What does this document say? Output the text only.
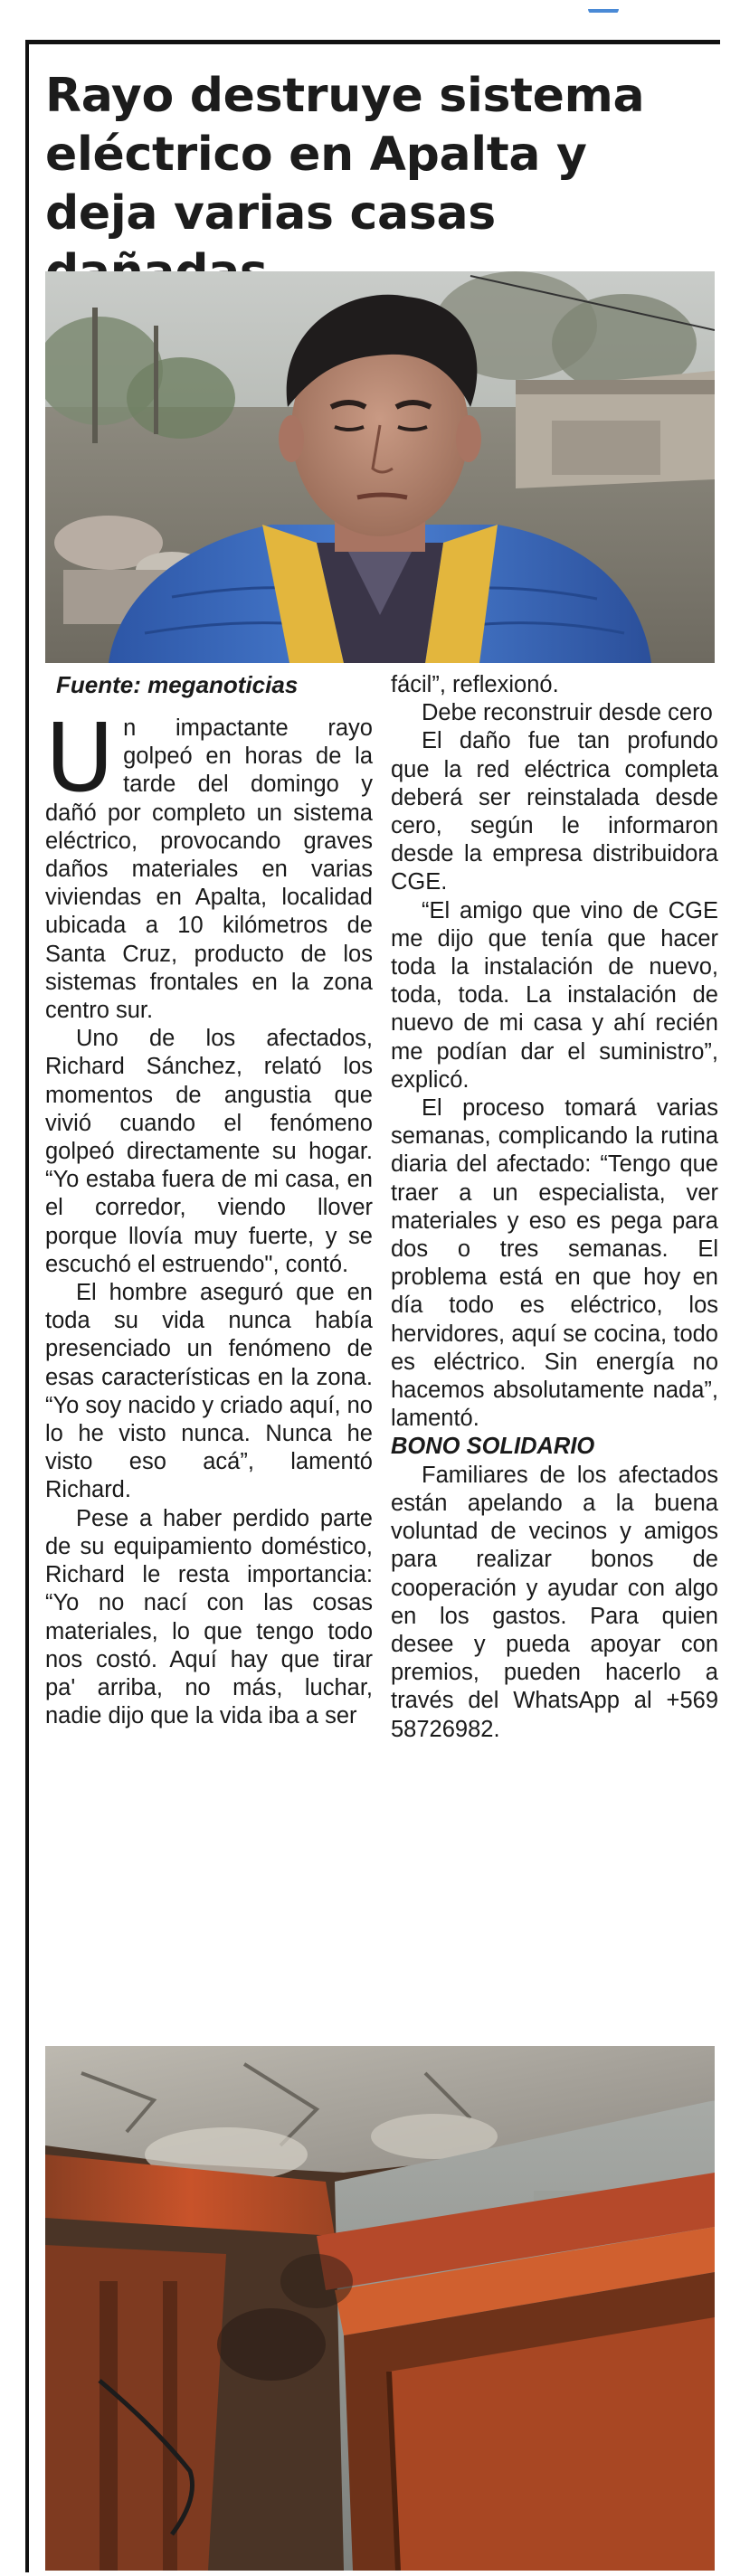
Rayo destruye sistema eléctrico en Apalta y deja varias casas

Fuente: meganoticias

Un impactante rayo golpeó en horas de la tarde del domingo y dañó por completo un sistema eléctrico, provocando graves daños materiales en varias viviendas en Apalta, localidad ubicada a 10 kilómetros de Santa Cruz, producto de los sistemas frontales en la zona centro sur.

Uno de los afectados, Richard Sánchez, relató los momentos de angustia que vivió cuando el fenómeno golpeó directamente su hogar. “Yo estaba fuera de mi casa, en el corredor, viendo llover porque llovía muy fuerte, y se escuchó el estruendo", contó.

El hombre aseguró que en toda su vida nunca había presenciado un fenómeno de esas características en la zona. “Yo soy nacido y criado aquí, no lo he visto nunca. Nunca he visto eso acá”, lamentó Richard.

Pese a haber perdido parte de su equipamiento doméstico, Richard le resta importancia: “Yo no nací con las cosas materiales, lo que tengo todo nos costó. Aquí hay que tirar pa' arriba, no más, luchar, nadie dijo que la vida iba a ser

fácil”, reflexionó.

Debe reconstruir desde cero

El daño fue tan profundo que la red eléctrica completa deberá ser reinstalada desde cero, según le informaron desde la empresa distribuidora CGE.

“El amigo que vino de CGE me dijo que tenía que hacer toda la instalación de nuevo, toda, toda. La instalación de nuevo de mi casa y ahí recién me podían dar el suministro”, explicó.

El proceso tomará varias semanas, complicando la rutina diaria del afectado: “Tengo que traer a un especialista, ver materiales y eso es pega para dos o tres semanas. El problema está en que hoy en día todo es eléctrico, los hervidores, aquí se cocina, todo es eléctrico. Sin energía no hacemos absolutamente nada”, lamentó.

BONO SOLIDARIO

Familiares de los afectados están apelando a la buena voluntad de vecinos y amigos para realizar bonos de cooperación y ayudar con algo en los gastos. Para quien desee y pueda apoyar con premios, pueden hacerlo a través del WhatsApp al +569 58726982.
